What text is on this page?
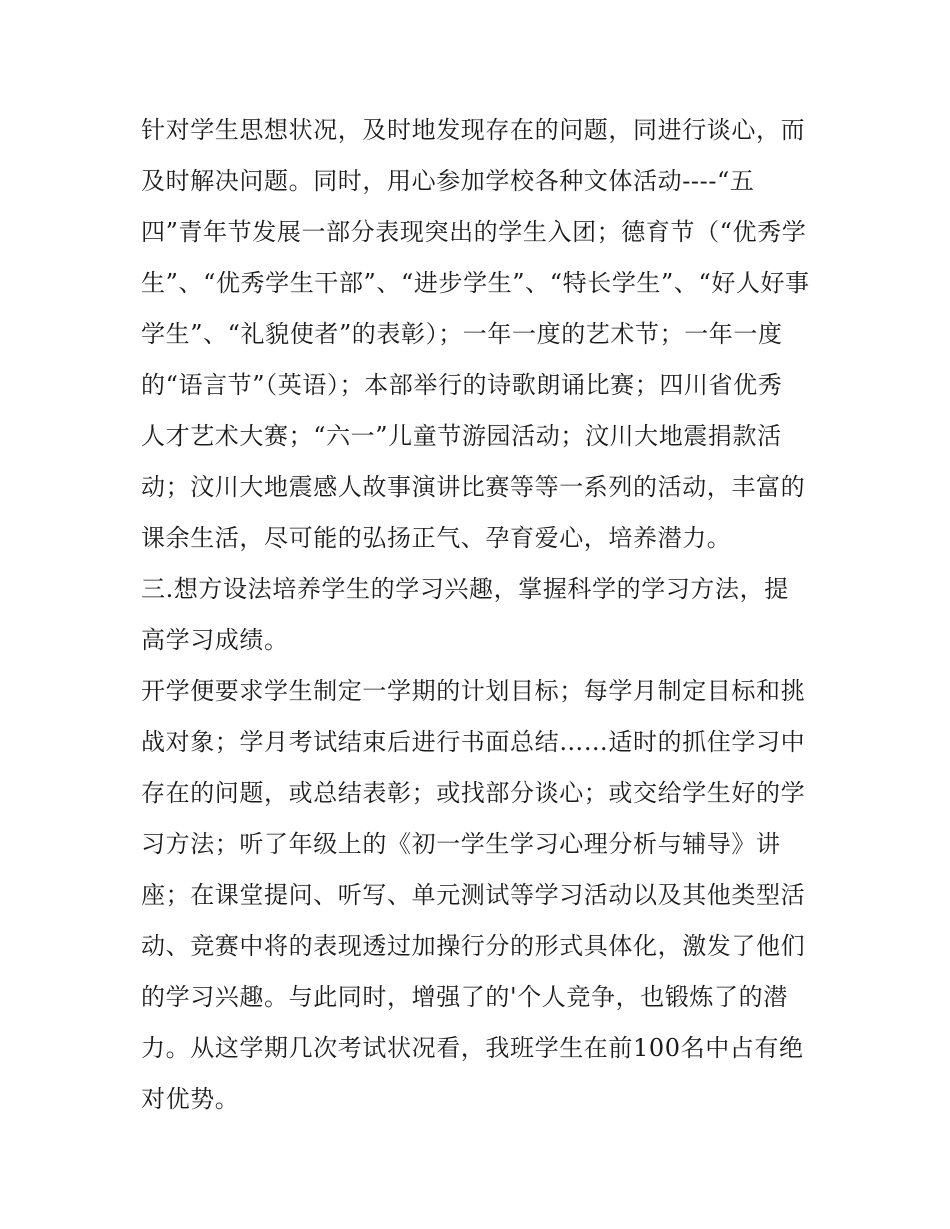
针对学生思想状况，及时地发现存在的问题，同进行谈心，而
及时解决问题。同时，用心参加学校各种文体活动----“五
四”青年节发展一部分表现突出的学生入团；德育节（“优秀学
生”、“优秀学生干部”、“进步学生”、“特长学生”、“好人好事
学生”、“礼貌使者”的表彰）；一年一度的艺术节；一年一度
的“语言节”（英语）；本部举行的诗歌朗诵比赛；四川省优秀
人才艺术大赛；“六一”儿童节游园活动；汶川大地震捐款活
动；汶川大地震感人故事演讲比赛等等一系列的活动，丰富的
课余生活，尽可能的弘扬正气、孕育爱心，培养潜力。
三.想方设法培养学生的学习兴趣，掌握科学的学习方法，提
高学习成绩。
开学便要求学生制定一学期的计划目标；每学月制定目标和挑
战对象；学月考试结束后进行书面总结……适时的抓住学习中
存在的问题，或总结表彰；或找部分谈心；或交给学生好的学
习方法；听了年级上的《初一学生学习心理分析与辅导》讲
座；在课堂提问、听写、单元测试等学习活动以及其他类型活
动、竞赛中将的表现透过加操行分的形式具体化，激发了他们
的学习兴趣。与此同时，增强了的'个人竞争，也锻炼了的潜
力。从这学期几次考试状况看，我班学生在前100名中占有绝
对优势。
